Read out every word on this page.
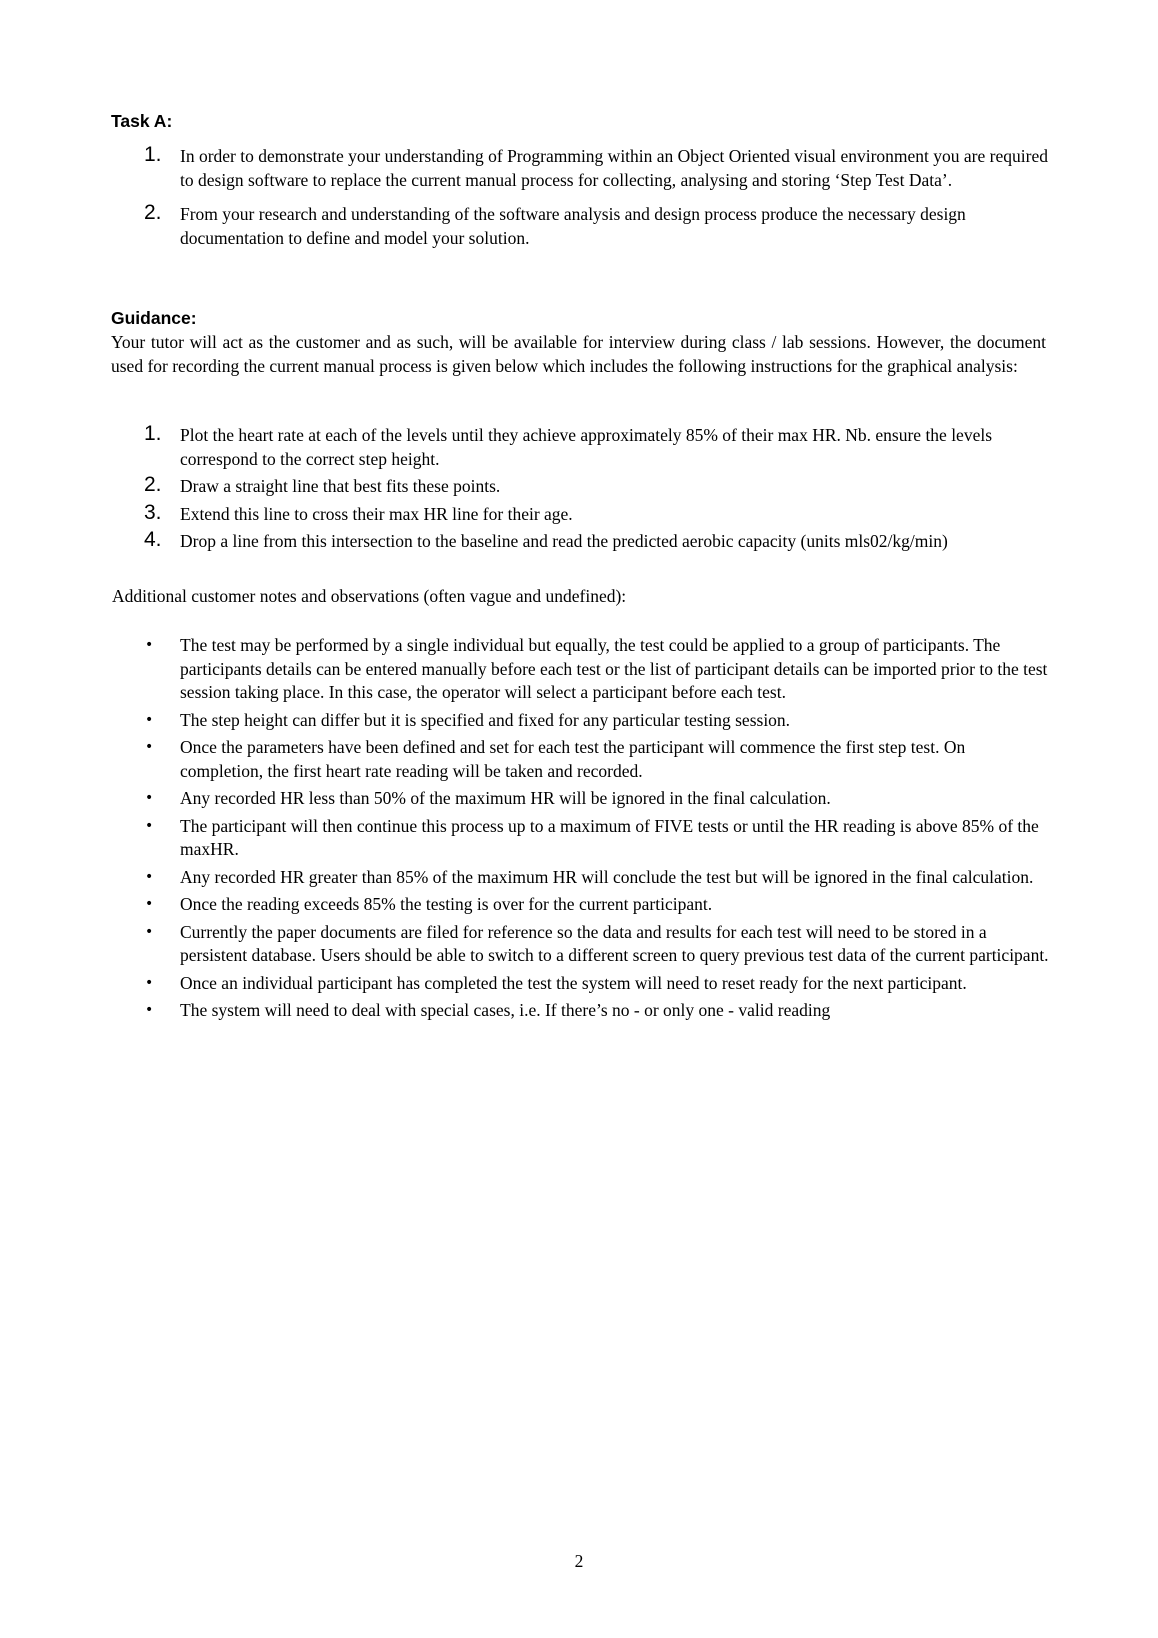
Task A:
1. In order to demonstrate your understanding of Programming within an Object Oriented visual environment you are required to design software to replace the current manual process for collecting, analysing and storing ‘Step Test Data’.
2. From your research and understanding of the software analysis and design process produce the necessary design documentation to define and model your solution.
Guidance:
Your tutor will act as the customer and as such, will be available for interview during class / lab sessions. However, the document used for recording the current manual process is given below which includes the following instructions for the graphical analysis:
1. Plot the heart rate at each of the levels until they achieve approximately 85% of their max HR. Nb. ensure the levels correspond to the correct step height.
2. Draw a straight line that best fits these points.
3. Extend this line to cross their max HR line for their age.
4. Drop a line from this intersection to the baseline and read the predicted aerobic capacity (units mls02/kg/min)
Additional customer notes and observations (often vague and undefined):
• The test may be performed by a single individual but equally, the test could be applied to a group of participants. The participants details can be entered manually before each test or the list of participant details can be imported prior to the test session taking place. In this case, the operator will select a participant before each test.
• The step height can differ but it is specified and fixed for any particular testing session.
• Once the parameters have been defined and set for each test the participant will commence the first step test. On completion, the first heart rate reading will be taken and recorded.
• Any recorded HR less than 50% of the maximum HR will be ignored in the final calculation.
• The participant will then continue this process up to a maximum of FIVE tests or until the HR reading is above 85% of the maxHR.
• Any recorded HR greater than 85% of the maximum HR will conclude the test but will be ignored in the final calculation.
• Once the reading exceeds 85% the testing is over for the current participant.
• Currently the paper documents are filed for reference so the data and results for each test will need to be stored in a persistent database. Users should be able to switch to a different screen to query previous test data of the current participant.
• Once an individual participant has completed the test the system will need to reset ready for the next participant.
• The system will need to deal with special cases, i.e. If there’s no - or only one - valid reading
2
